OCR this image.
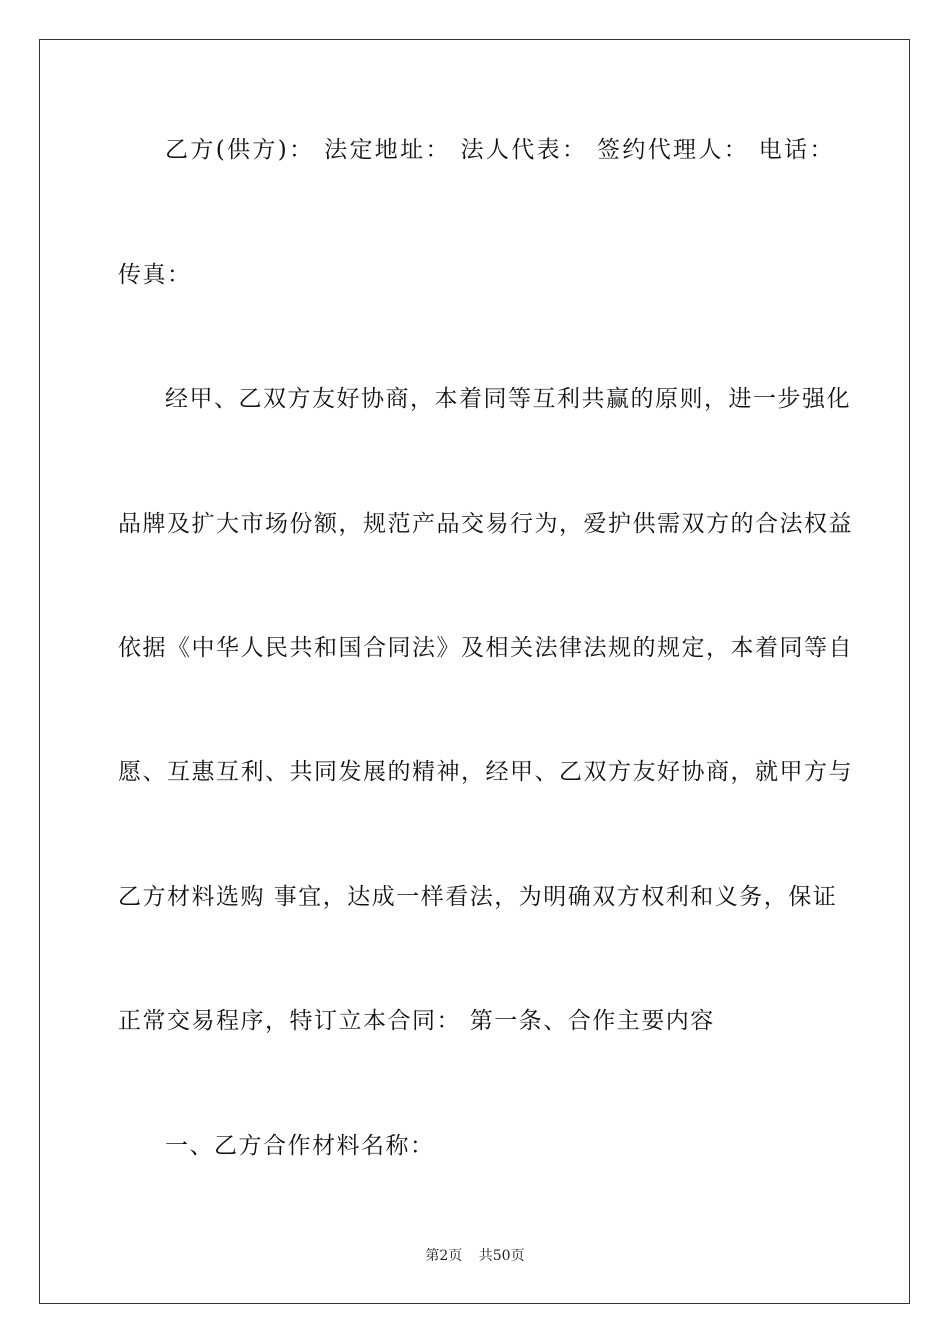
乙方(供方)： 法定地址： 法人代表： 签约代理人： 电话：
传真：
经甲、乙双方友好协商，本着同等互利共赢的原则，进一步强化
品牌及扩大市场份额，规范产品交易行为，爱护供需双方的合法权益
依据《中华人民共和国合同法》及相关法律法规的规定，本着同等自
愿、互惠互利、共同发展的精神，经甲、乙双方友好协商，就甲方与
乙方材料选购 事宜，达成一样看法，为明确双方权利和义务，保证
正常交易程序，特订立本合同： 第一条、合作主要内容
一、乙方合作材料名称：
第2页 共50页
